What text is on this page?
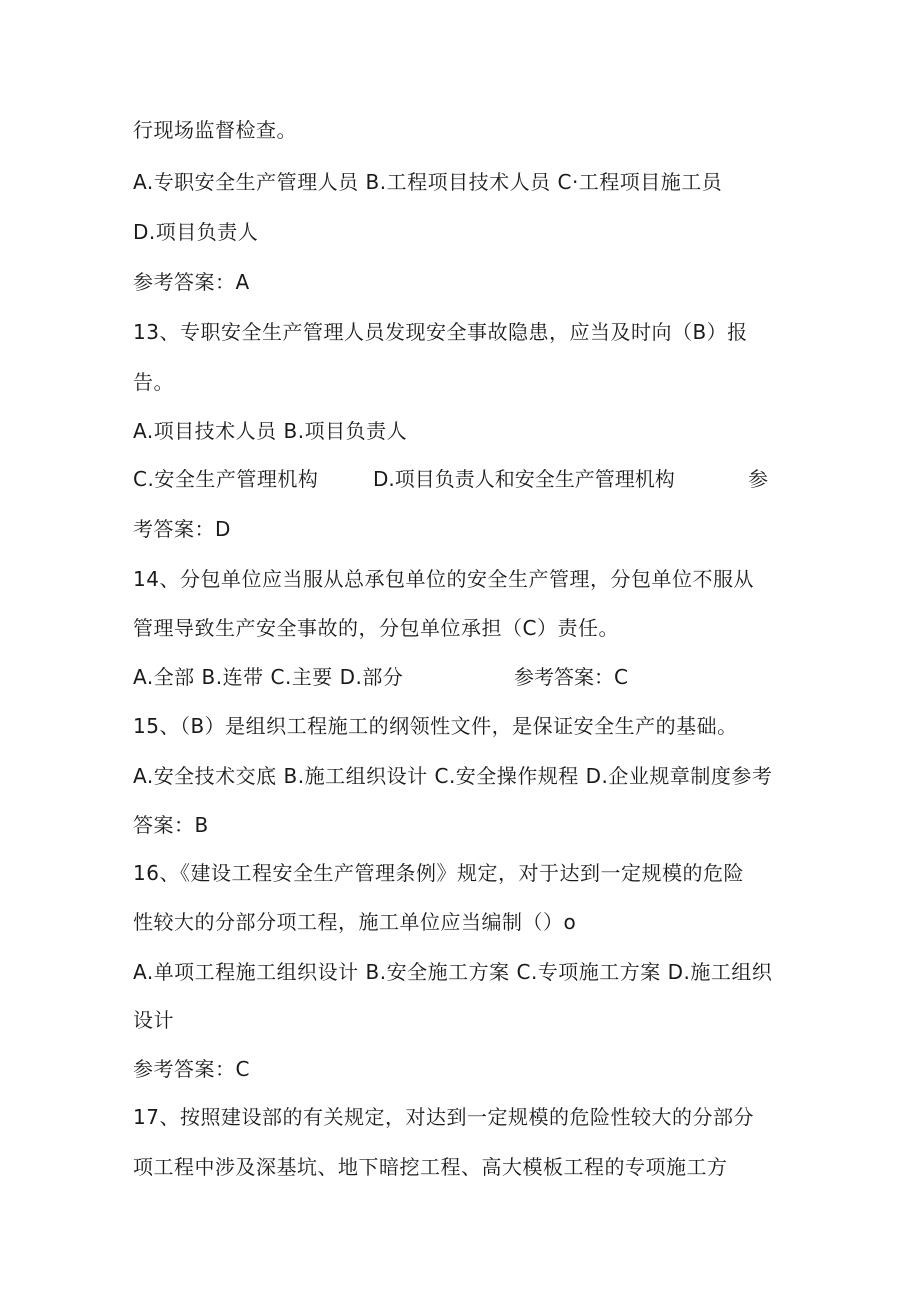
行现场监督检查。
A.专职安全生产管理人员 B.工程项目技术人员 C·工程项目施工员
D.项目负责人
参考答案：A
13、专职安全生产管理人员发现安全事故隐患，应当及时向（B）报
告。
A.项目技术人员 B.项目负责人
C.安全生产管理机构	D.项目负责人和安全生产管理机构	参
考答案：D
14、分包单位应当服从总承包单位的安全生产管理，分包单位不服从
管理导致生产安全事故的，分包单位承担（C）责任。
A.全部 B.连带 C.主要 D.部分	参考答案：C
15、（B）是组织工程施工的纲领性文件，是保证安全生产的基础。
A.安全技术交底 B.施工组织设计 C.安全操作规程 D.企业规章制度参考
答案：B
16、《建设工程安全生产管理条例》规定，对于达到一定规模的危险
性较大的分部分项工程，施工单位应当编制（）o
A.单项工程施工组织设计 B.安全施工方案 C.专项施工方案 D.施工组织
设计
参考答案：C
17、按照建设部的有关规定，对达到一定规模的危险性较大的分部分
项工程中涉及深基坑、地下暗挖工程、高大模板工程的专项施工方
